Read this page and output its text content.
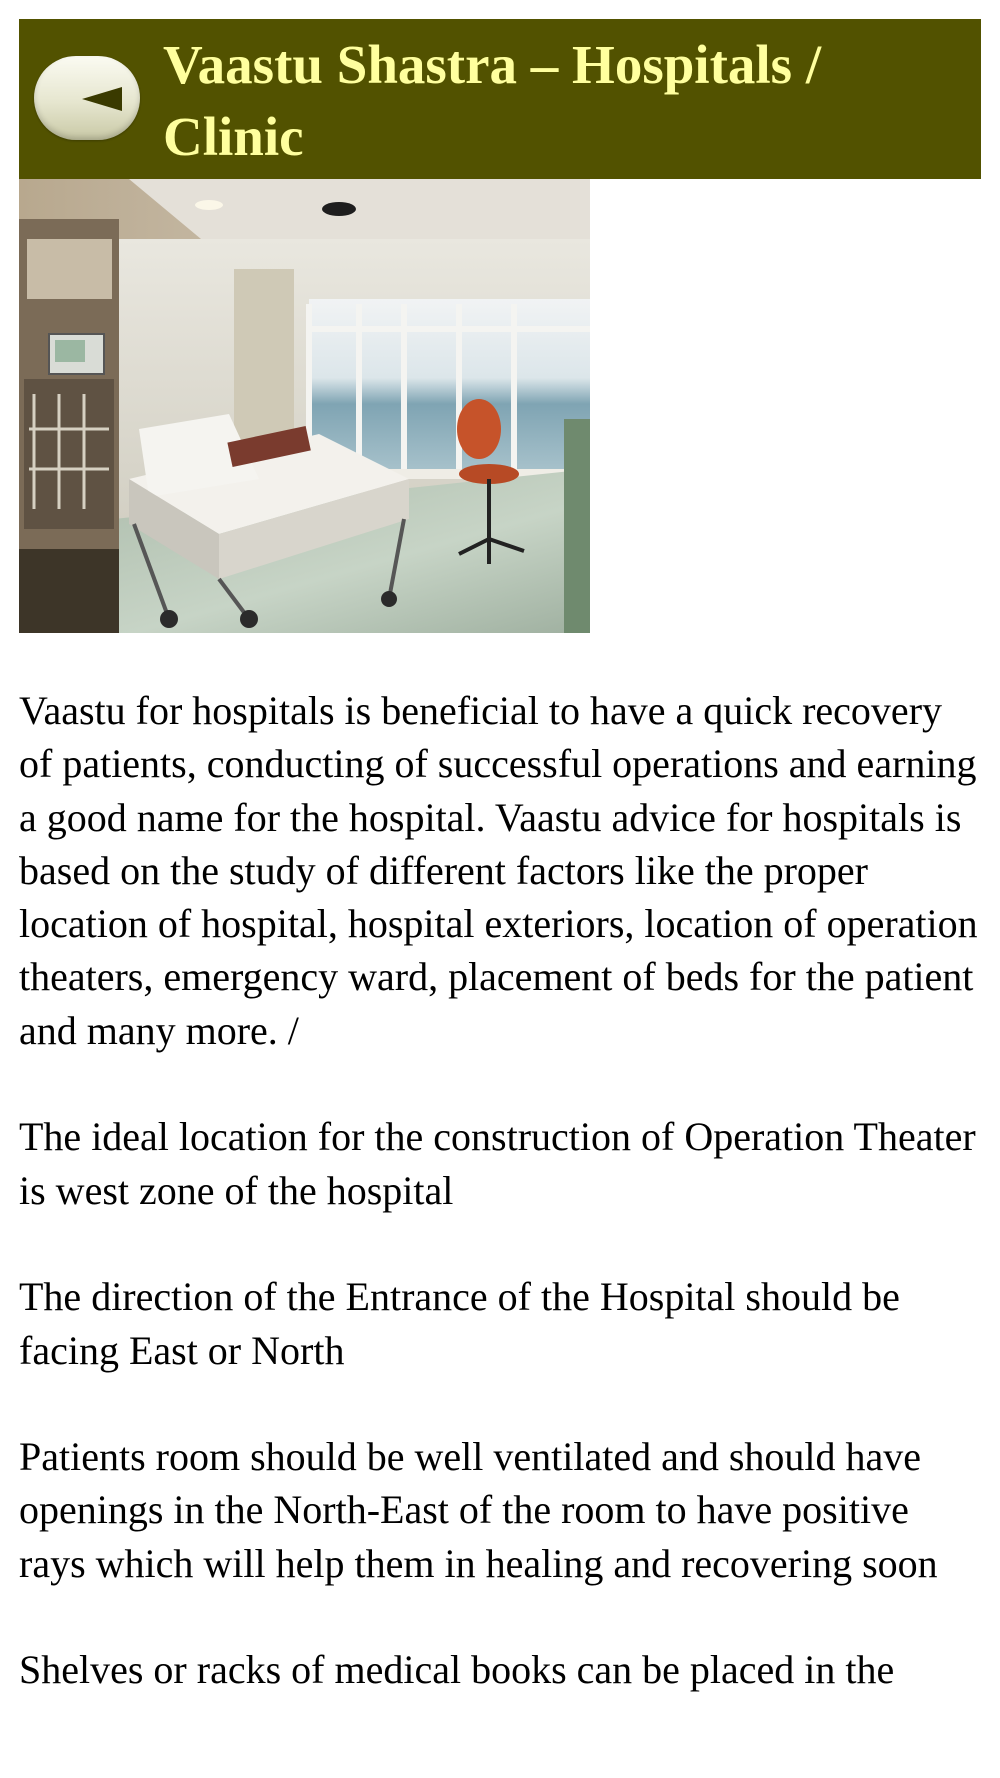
Vaastu Shastra – Hospitals / Clinic

Vaastu for hospitals is beneficial to have a quick recovery of patients, conducting of successful operations and earning a good name for the hospital. Vaastu advice for hospitals is based on the study of different factors like the proper location of hospital, hospital exteriors, location of operation theaters, emergency ward, placement of beds for the patient and many more. /

The ideal location for the construction of Operation Theater is west zone of the hospital

The direction of the Entrance of the Hospital should be facing East or North

Patients room should be well ventilated and should have openings in the North-East of the room to have positive rays which will help them in healing and recovering soon

Shelves or racks of medical books can be placed in the
